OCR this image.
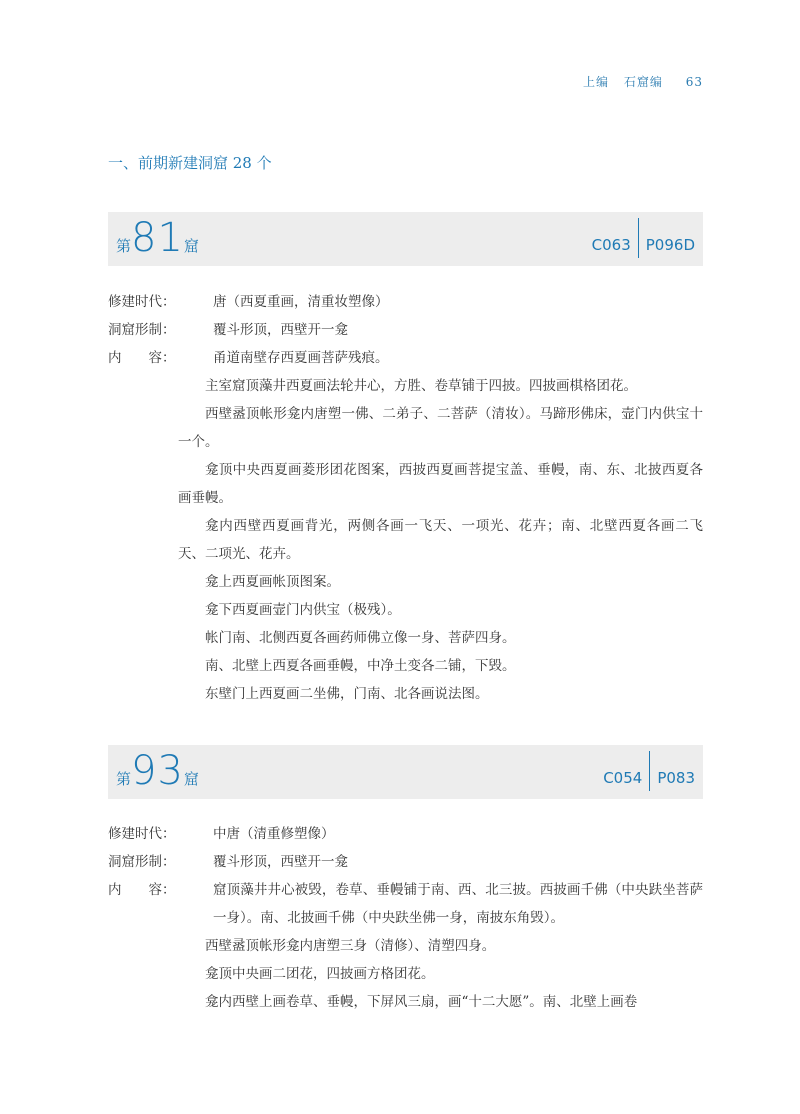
上编 石窟编 63
一、前期新建洞窟 28 个
第81窟	C063 P096D
修建时代：	唐（西夏重画，清重妆塑像）
洞窟形制：	覆斗形顶，西壁开一龛
内　　容：	甬道南壁存西夏画菩萨残痕。

主室窟顶藻井西夏画法轮井心，方胜、卷草铺于四披。四披画棋格团花。

西壁盝顶帐形龛内唐塑一佛、二弟子、二菩萨（清妆）。马蹄形佛床，壸门内供宝十一个。

龛顶中央西夏画菱形团花图案，西披西夏画菩提宝盖、垂幔，南、东、北披西夏各画垂幔。

龛内西壁西夏画背光，两侧各画一飞天、一项光、花卉；南、北壁西夏各画二飞天、二项光、花卉。

龛上西夏画帐顶图案。

龛下西夏画壸门内供宝（极残）。

帐门南、北侧西夏各画药师佛立像一身、菩萨四身。

南、北壁上西夏各画垂幔，中净土变各二铺，下毁。

东壁门上西夏画二坐佛，门南、北各画说法图。

第93窟	C054 P083
修建时代：	中唐（清重修塑像）
洞窟形制：	覆斗形顶，西壁开一龛
内　　容：	窟顶藻井井心被毁，卷草、垂幔铺于南、西、北三披。西披画千佛（中央趺坐菩萨一身）。南、北披画千佛（中央趺坐佛一身，南披东角毁）。

西壁盝顶帐形龛内唐塑三身（清修）、清塑四身。

龛顶中央画二团花，四披画方格团花。

龛内西壁上画卷草、垂幔，下屏风三扇，画“十二大愿”。南、北壁上画卷
